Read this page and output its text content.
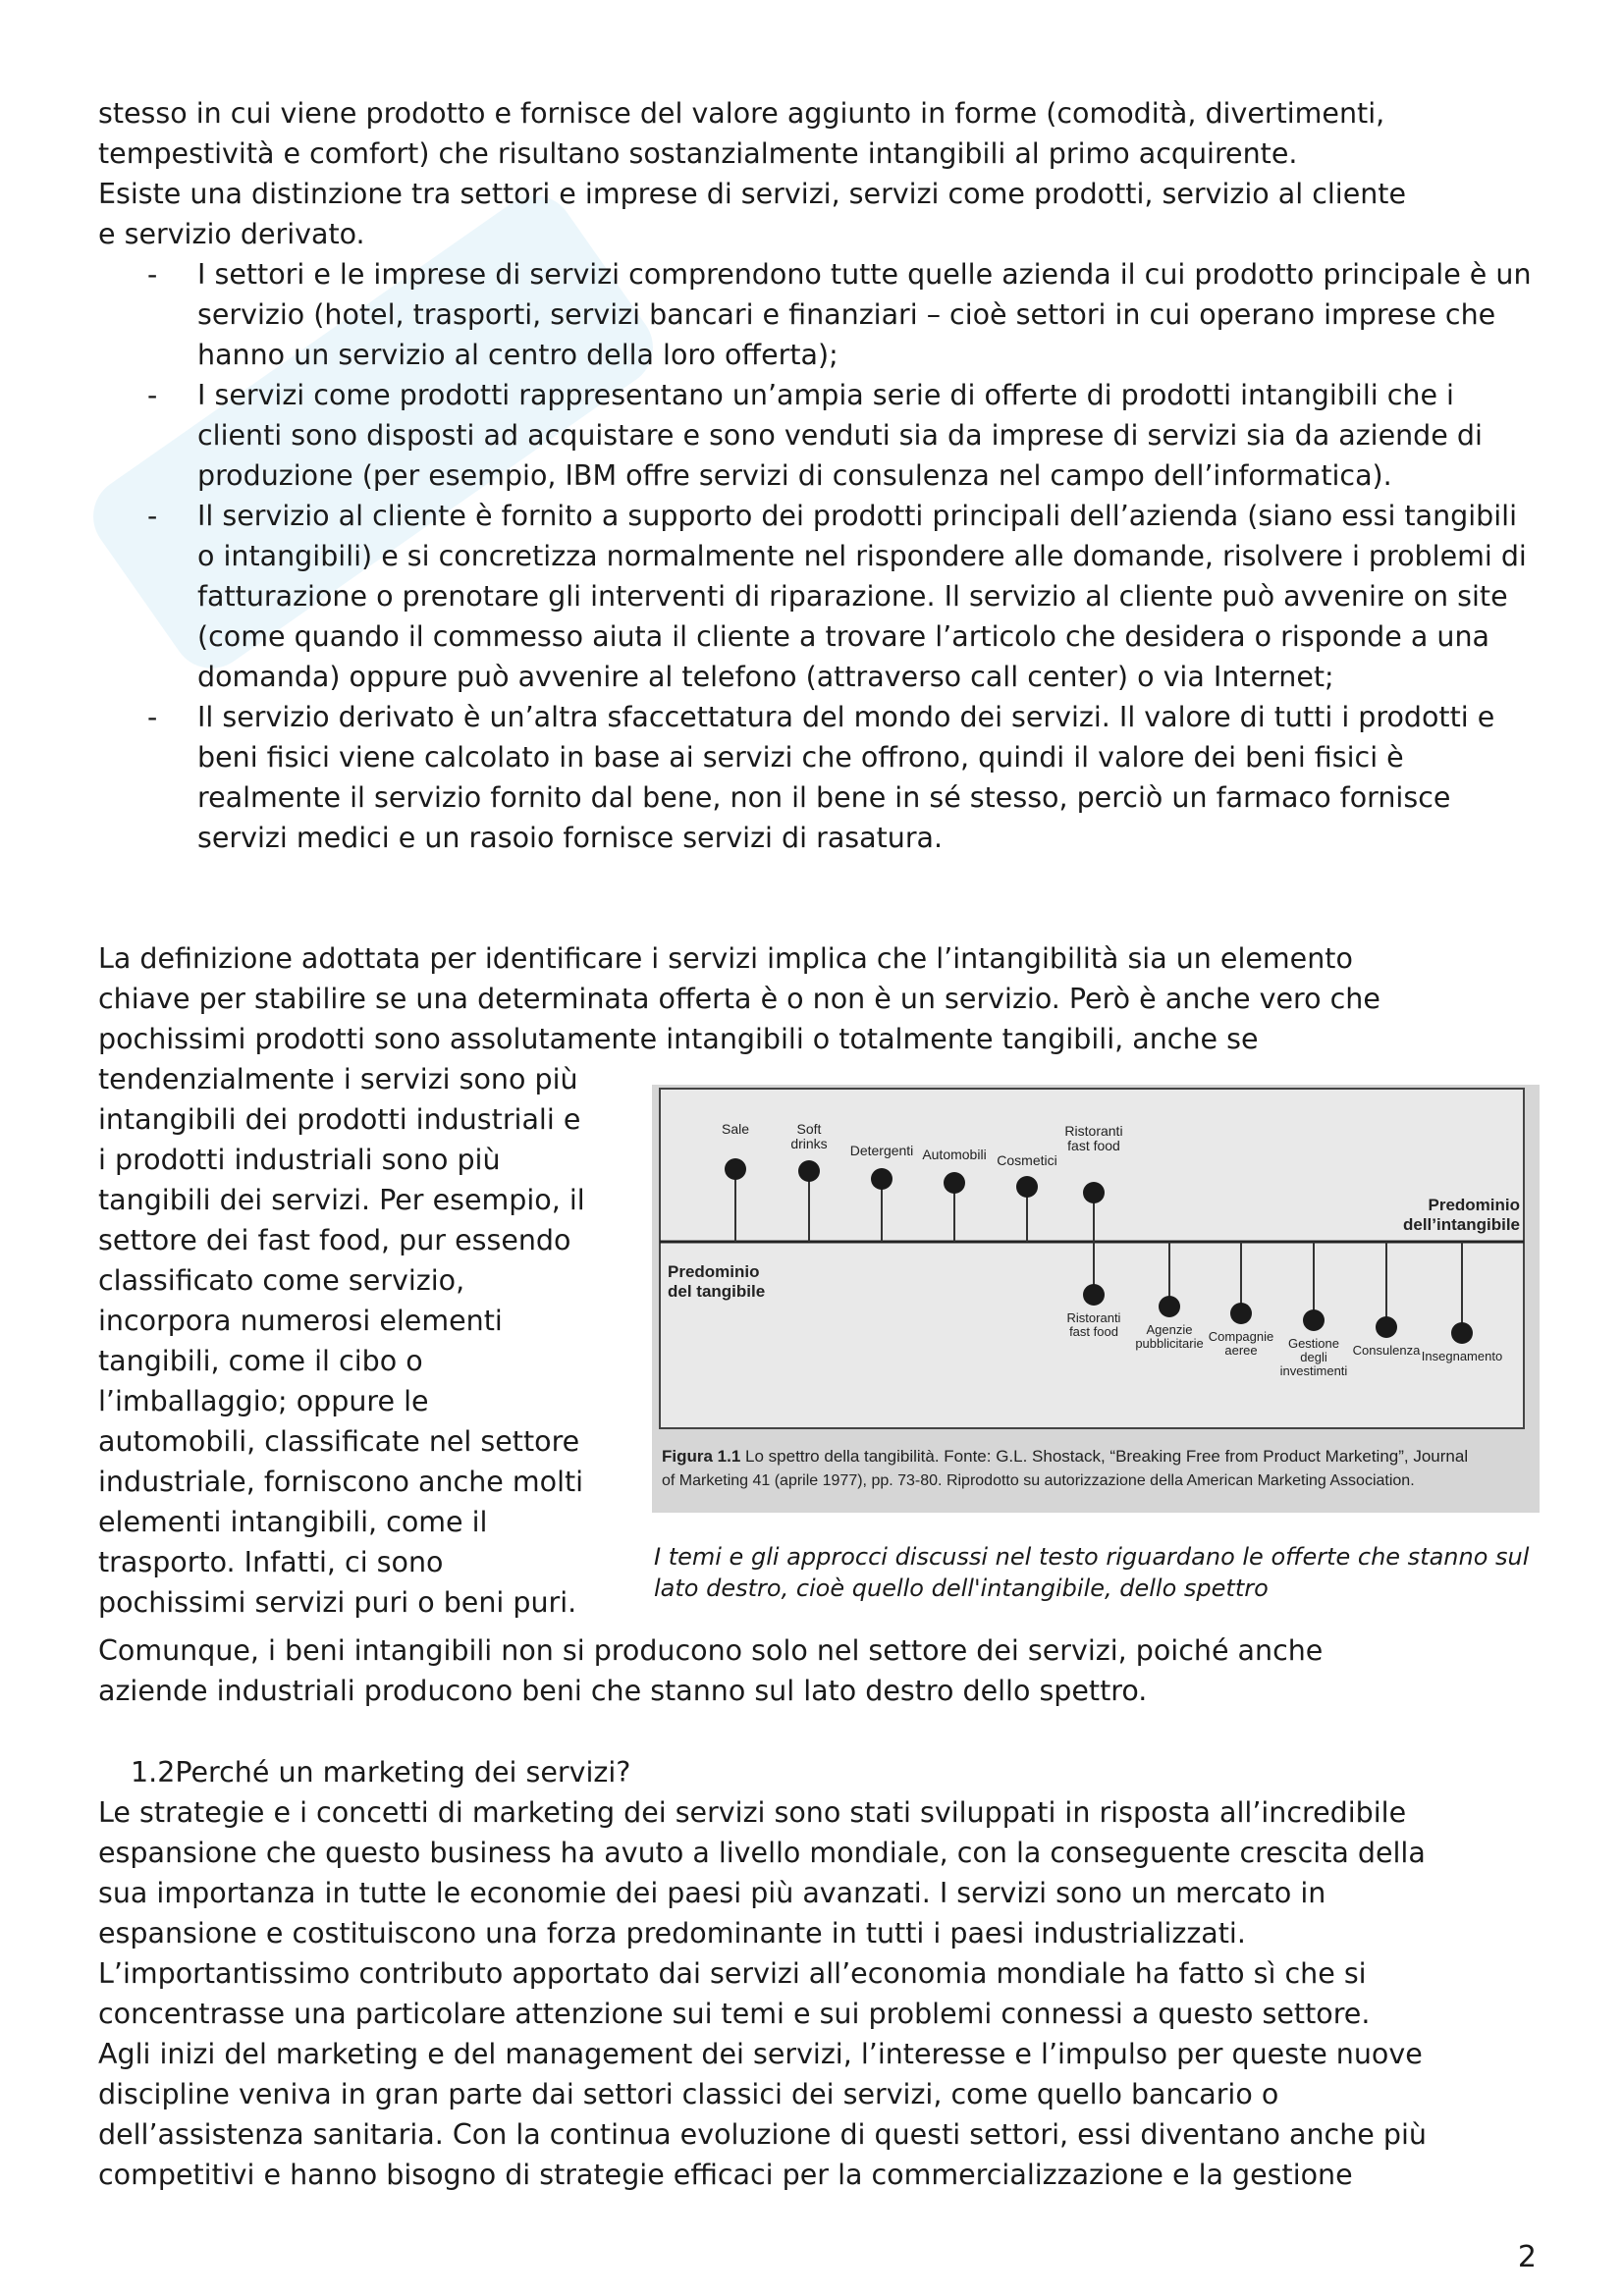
stesso in cui viene prodotto e fornisce del valore aggiunto in forme (comodità, divertimenti,
tempestività e comfort) che risultano sostanzialmente intangibili al primo acquirente.
Esiste una distinzione tra settori e imprese di servizi, servizi come prodotti, servizio al cliente
e servizio derivato.
- I settori e le imprese di servizi comprendono tutte quelle azienda il cui prodotto principale è un servizio (hotel, trasporti, servizi bancari e finanziari – cioè settori in cui operano imprese che hanno un servizio al centro della loro offerta);
- I servizi come prodotti rappresentano un’ampia serie di offerte di prodotti intangibili che i clienti sono disposti ad acquistare e sono venduti sia da imprese di servizi sia da aziende di produzione (per esempio, IBM offre servizi di consulenza nel campo dell’informatica).
- Il servizio al cliente è fornito a supporto dei prodotti principali dell’azienda (siano essi tangibili o intangibili) e si concretizza normalmente nel rispondere alle domande, risolvere i problemi di fatturazione o prenotare gli interventi di riparazione. Il servizio al cliente può avvenire on site (come quando il commesso aiuta il cliente a trovare l’articolo che desidera o risponde a una domanda) oppure può avvenire al telefono (attraverso call center) o via Internet;
- Il servizio derivato è un’altra sfaccettatura del mondo dei servizi. Il valore di tutti i prodotti e beni fisici viene calcolato in base ai servizi che offrono, quindi il valore dei beni fisici è realmente il servizio fornito dal bene, non il bene in sé stesso, perciò un farmaco fornisce servizi medici e un rasoio fornisce servizi di rasatura.
La definizione adottata per identificare i servizi implica che l’intangibilità sia un elemento
chiave per stabilire se una determinata offerta è o non è un servizio. Però è anche vero che
pochissimi prodotti sono assolutamente intangibili o totalmente tangibili, anche se
tendenzialmente i servizi sono più
intangibili dei prodotti industriali e
i prodotti industriali sono più
tangibili dei servizi. Per esempio, il
settore dei fast food, pur essendo
classificato come servizio,
incorpora numerosi elementi
tangibili, come il cibo o
l’imballaggio; oppure le
automobili, classificate nel settore
industriale, forniscono anche molti
elementi intangibili, come il
trasporto. Infatti, ci sono
pochissimi servizi puri o beni puri.
Sale	Soft drinks Detergenti Automobili Cosmetici
Ristoranti fast food
Ristoranti fast food	Agenzie pubblicitarie Compagnie aeree	Gestione degli investimenti
Consulenza Insegnamento
Predominio del tangibile
Predominio dell’intangibile
Figura 1.1 Lo spettro della tangibilità. Fonte: G.L. Shostack, “Breaking Free from Product Marketing”, Journal
of Marketing 41 (aprile 1977), pp. 73-80. Riprodotto su autorizzazione della American Marketing Association.

I temi e gli approcci discussi nel testo riguardano le offerte che stanno sul lato destro, cioè quello dell'intangibile, dello spettro

Comunque, i beni intangibili non si producono solo nel settore dei servizi, poiché anche
aziende industriali producono beni che stanno sul lato destro dello spettro.
1.2Perché un marketing dei servizi?
Le strategie e i concetti di marketing dei servizi sono stati sviluppati in risposta all’incredibile
espansione che questo business ha avuto a livello mondiale, con la conseguente crescita della
sua importanza in tutte le economie dei paesi più avanzati. I servizi sono un mercato in
espansione e costituiscono una forza predominante in tutti i paesi industrializzati.
L’importantissimo contributo apportato dai servizi all’economia mondiale ha fatto sì che si
concentrasse una particolare attenzione sui temi e sui problemi connessi a questo settore.
Agli inizi del marketing e del management dei servizi, l’interesse e l’impulso per queste nuove
discipline veniva in gran parte dai settori classici dei servizi, come quello bancario o
dell’assistenza sanitaria. Con la continua evoluzione di questi settori, essi diventano anche più
competitivi e hanno bisogno di strategie efficaci per la commercializzazione e la gestione
2
